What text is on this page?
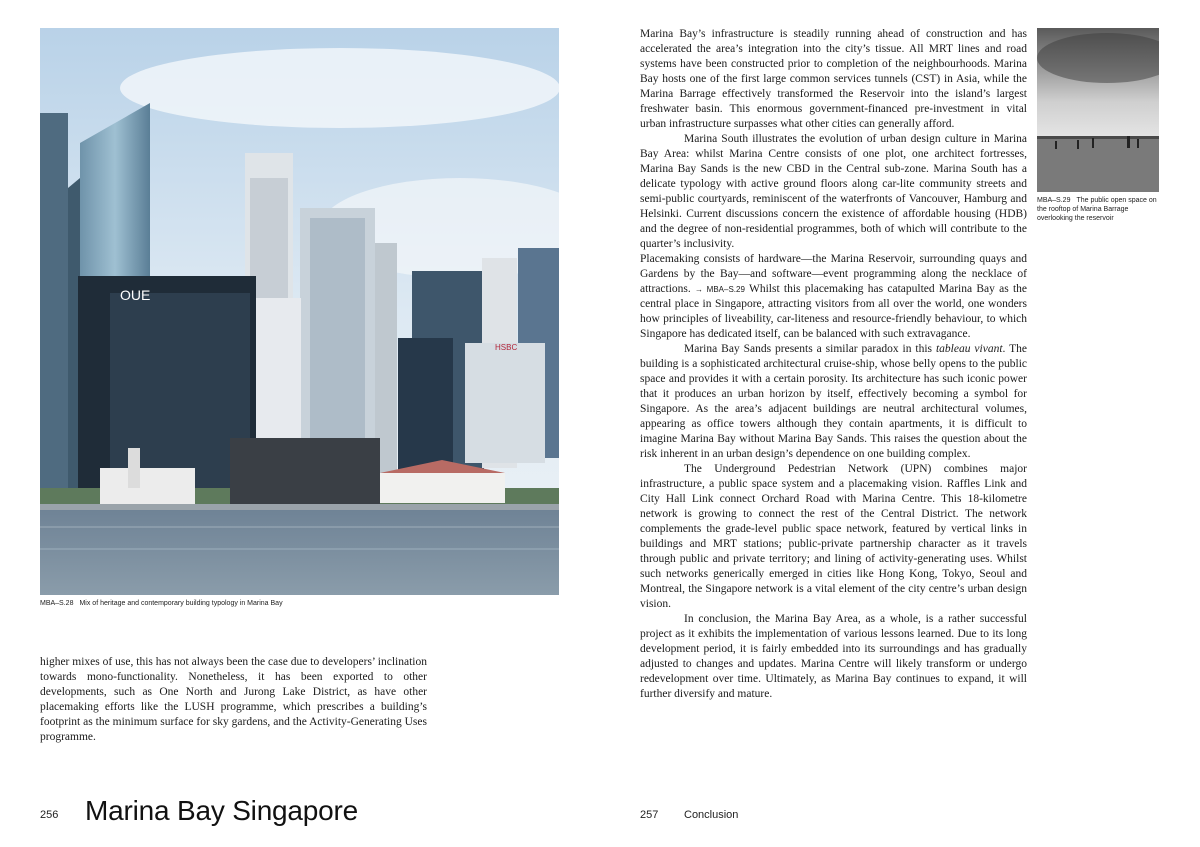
OUE
HSBC
MBA–S.28 Mix of heritage and contemporary building typology in Marina Bay

higher mixes of use, this has not always been the case due to developers’ inclination towards mono-functionality. Nonetheless, it has been exported to other developments, such as One North and Jurong Lake District, as have other placemaking efforts like the LUSH programme, which prescribes a building’s footprint as the minimum surface for sky gardens, and the Activity-Generating Uses programme.

256 Marina Bay Singapore

Marina Bay’s infrastructure is steadily running ahead of construction and has accelerated the area’s integration into the city’s tissue. All MRT lines and road systems have been constructed prior to completion of the neighbourhoods. Marina Bay hosts one of the first large common services tunnels (CST) in Asia, while the Marina Barrage effectively transformed the Reservoir into the island’s largest freshwater basin. This enormous government-financed pre-investment in vital urban infrastructure surpasses what other cities can generally afford.

Marina South illustrates the evolution of urban design culture in Marina Bay Area: whilst Marina Centre consists of one plot, one architect fortresses, Marina Bay Sands is the new CBD in the Central sub-zone. Marina South has a delicate typology with active ground floors along car-lite community streets and semi-public courtyards, reminiscent of the waterfronts of Vancouver, Hamburg and Helsinki. Current discussions concern the existence of affordable housing (HDB) and the degree of non-residential programmes, both of which will contribute to the quarter’s inclusivity.

Placemaking consists of hardware—the Marina Reservoir, surrounding quays and Gardens by the Bay—and software—event programming along the necklace of attractions. → MBA–S.29 Whilst this placemaking has catapulted Marina Bay as the central place in Singapore, attracting visitors from all over the world, one wonders how principles of liveability, car-liteness and resource-friendly behaviour, to which Singapore has dedicated itself, can be balanced with such extravagance.

Marina Bay Sands presents a similar paradox in this tableau vivant. The building is a sophisticated architectural cruise-ship, whose belly opens to the public space and provides it with a certain porosity. Its architecture has such iconic power that it produces an urban horizon by itself, effectively becoming a symbol for Singapore. As the area’s adjacent buildings are neutral architectural volumes, appearing as office towers although they contain apartments, it is difficult to imagine Marina Bay without Marina Bay Sands. This raises the question about the risk inherent in an urban design’s dependence on one building complex.

The Underground Pedestrian Network (UPN) combines major infrastructure, a public space system and a placemaking vision. Raffles Link and City Hall Link connect Orchard Road with Marina Centre. This 18-kilometre network is growing to connect the rest of the Central District. The network complements the grade-level public space network, featured by vertical links in buildings and MRT stations; public-private partnership character as it travels through public and private territory; and lining of activity-generating uses. Whilst such networks generically emerged in cities like Hong Kong, Tokyo, Seoul and Montreal, the Singapore network is a vital element of the city centre’s urban design vision.

In conclusion, the Marina Bay Area, as a whole, is a rather successful project as it exhibits the implementation of various lessons learned. Due to its long development period, it is fairly embedded into its surroundings and has gradually adjusted to changes and updates. Marina Centre will likely transform or undergo redevelopment over time. Ultimately, as Marina Bay continues to expand, it will further diversify and mature.

MBA–S.29 The public open space on the rooftop of Marina Barrage overlooking the reservoir
257 Conclusion
